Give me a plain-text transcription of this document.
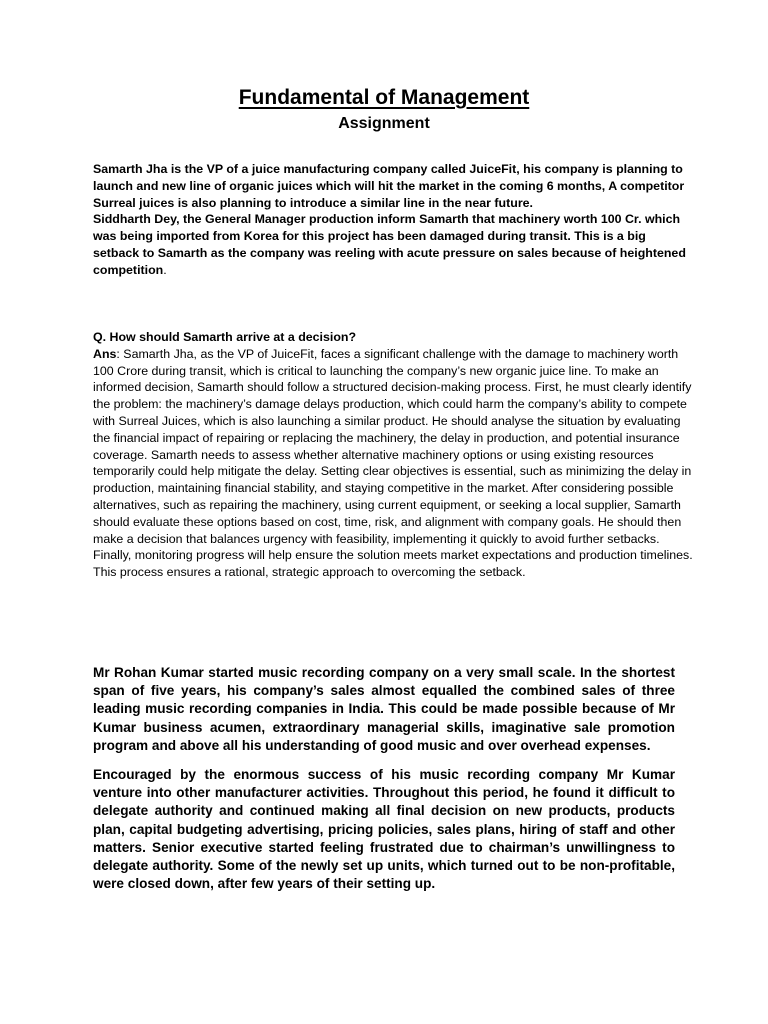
Fundamental of Management
Assignment

Samarth Jha is the VP of a juice manufacturing company called JuiceFit, his company is planning to launch and new line of organic juices which will hit the market in the coming 6 months, A competitor Surreal juices is also planning to introduce a similar line in the near future.

Siddharth Dey, the General Manager production inform Samarth that machinery worth 100 Cr. which was being imported from Korea for this project has been damaged during transit. This is a big setback to Samarth as the company was reeling with acute pressure on sales because of heightened competition.

Q. How should Samarth arrive at a decision?

Ans: Samarth Jha, as the VP of JuiceFit, faces a significant challenge with the damage to machinery worth 100 Crore during transit, which is critical to launching the company’s new organic juice line. To make an informed decision, Samarth should follow a structured decision-making process. First, he must clearly identify the problem: the machinery’s damage delays production, which could harm the company’s ability to compete with Surreal Juices, which is also launching a similar product. He should analyse the situation by evaluating the financial impact of repairing or replacing the machinery, the delay in production, and potential insurance coverage. Samarth needs to assess whether alternative machinery options or using existing resources temporarily could help mitigate the delay. Setting clear objectives is essential, such as minimizing the delay in production, maintaining financial stability, and staying competitive in the market. After considering possible alternatives, such as repairing the machinery, using current equipment, or seeking a local supplier, Samarth should evaluate these options based on cost, time, risk, and alignment with company goals. He should then make a decision that balances urgency with feasibility, implementing it quickly to avoid further setbacks. Finally, monitoring progress will help ensure the solution meets market expectations and production timelines. This process ensures a rational, strategic approach to overcoming the setback.

Mr Rohan Kumar started music recording company on a very small scale. In the shortest span of five years, his company’s sales almost equalled the combined sales of three leading music recording companies in India. This could be made possible because of Mr Kumar business acumen, extraordinary managerial skills, imaginative sale promotion program and above all his understanding of good music and over overhead expenses.

Encouraged by the enormous success of his music recording company Mr Kumar venture into other manufacturer activities. Throughout this period, he found it difficult to delegate authority and continued making all final decision on new products, products plan, capital budgeting advertising, pricing policies, sales plans, hiring of staff and other matters. Senior executive started feeling frustrated due to chairman’s unwillingness to delegate authority. Some of the newly set up units, which turned out to be non-profitable, were closed down, after few years of their setting up.
